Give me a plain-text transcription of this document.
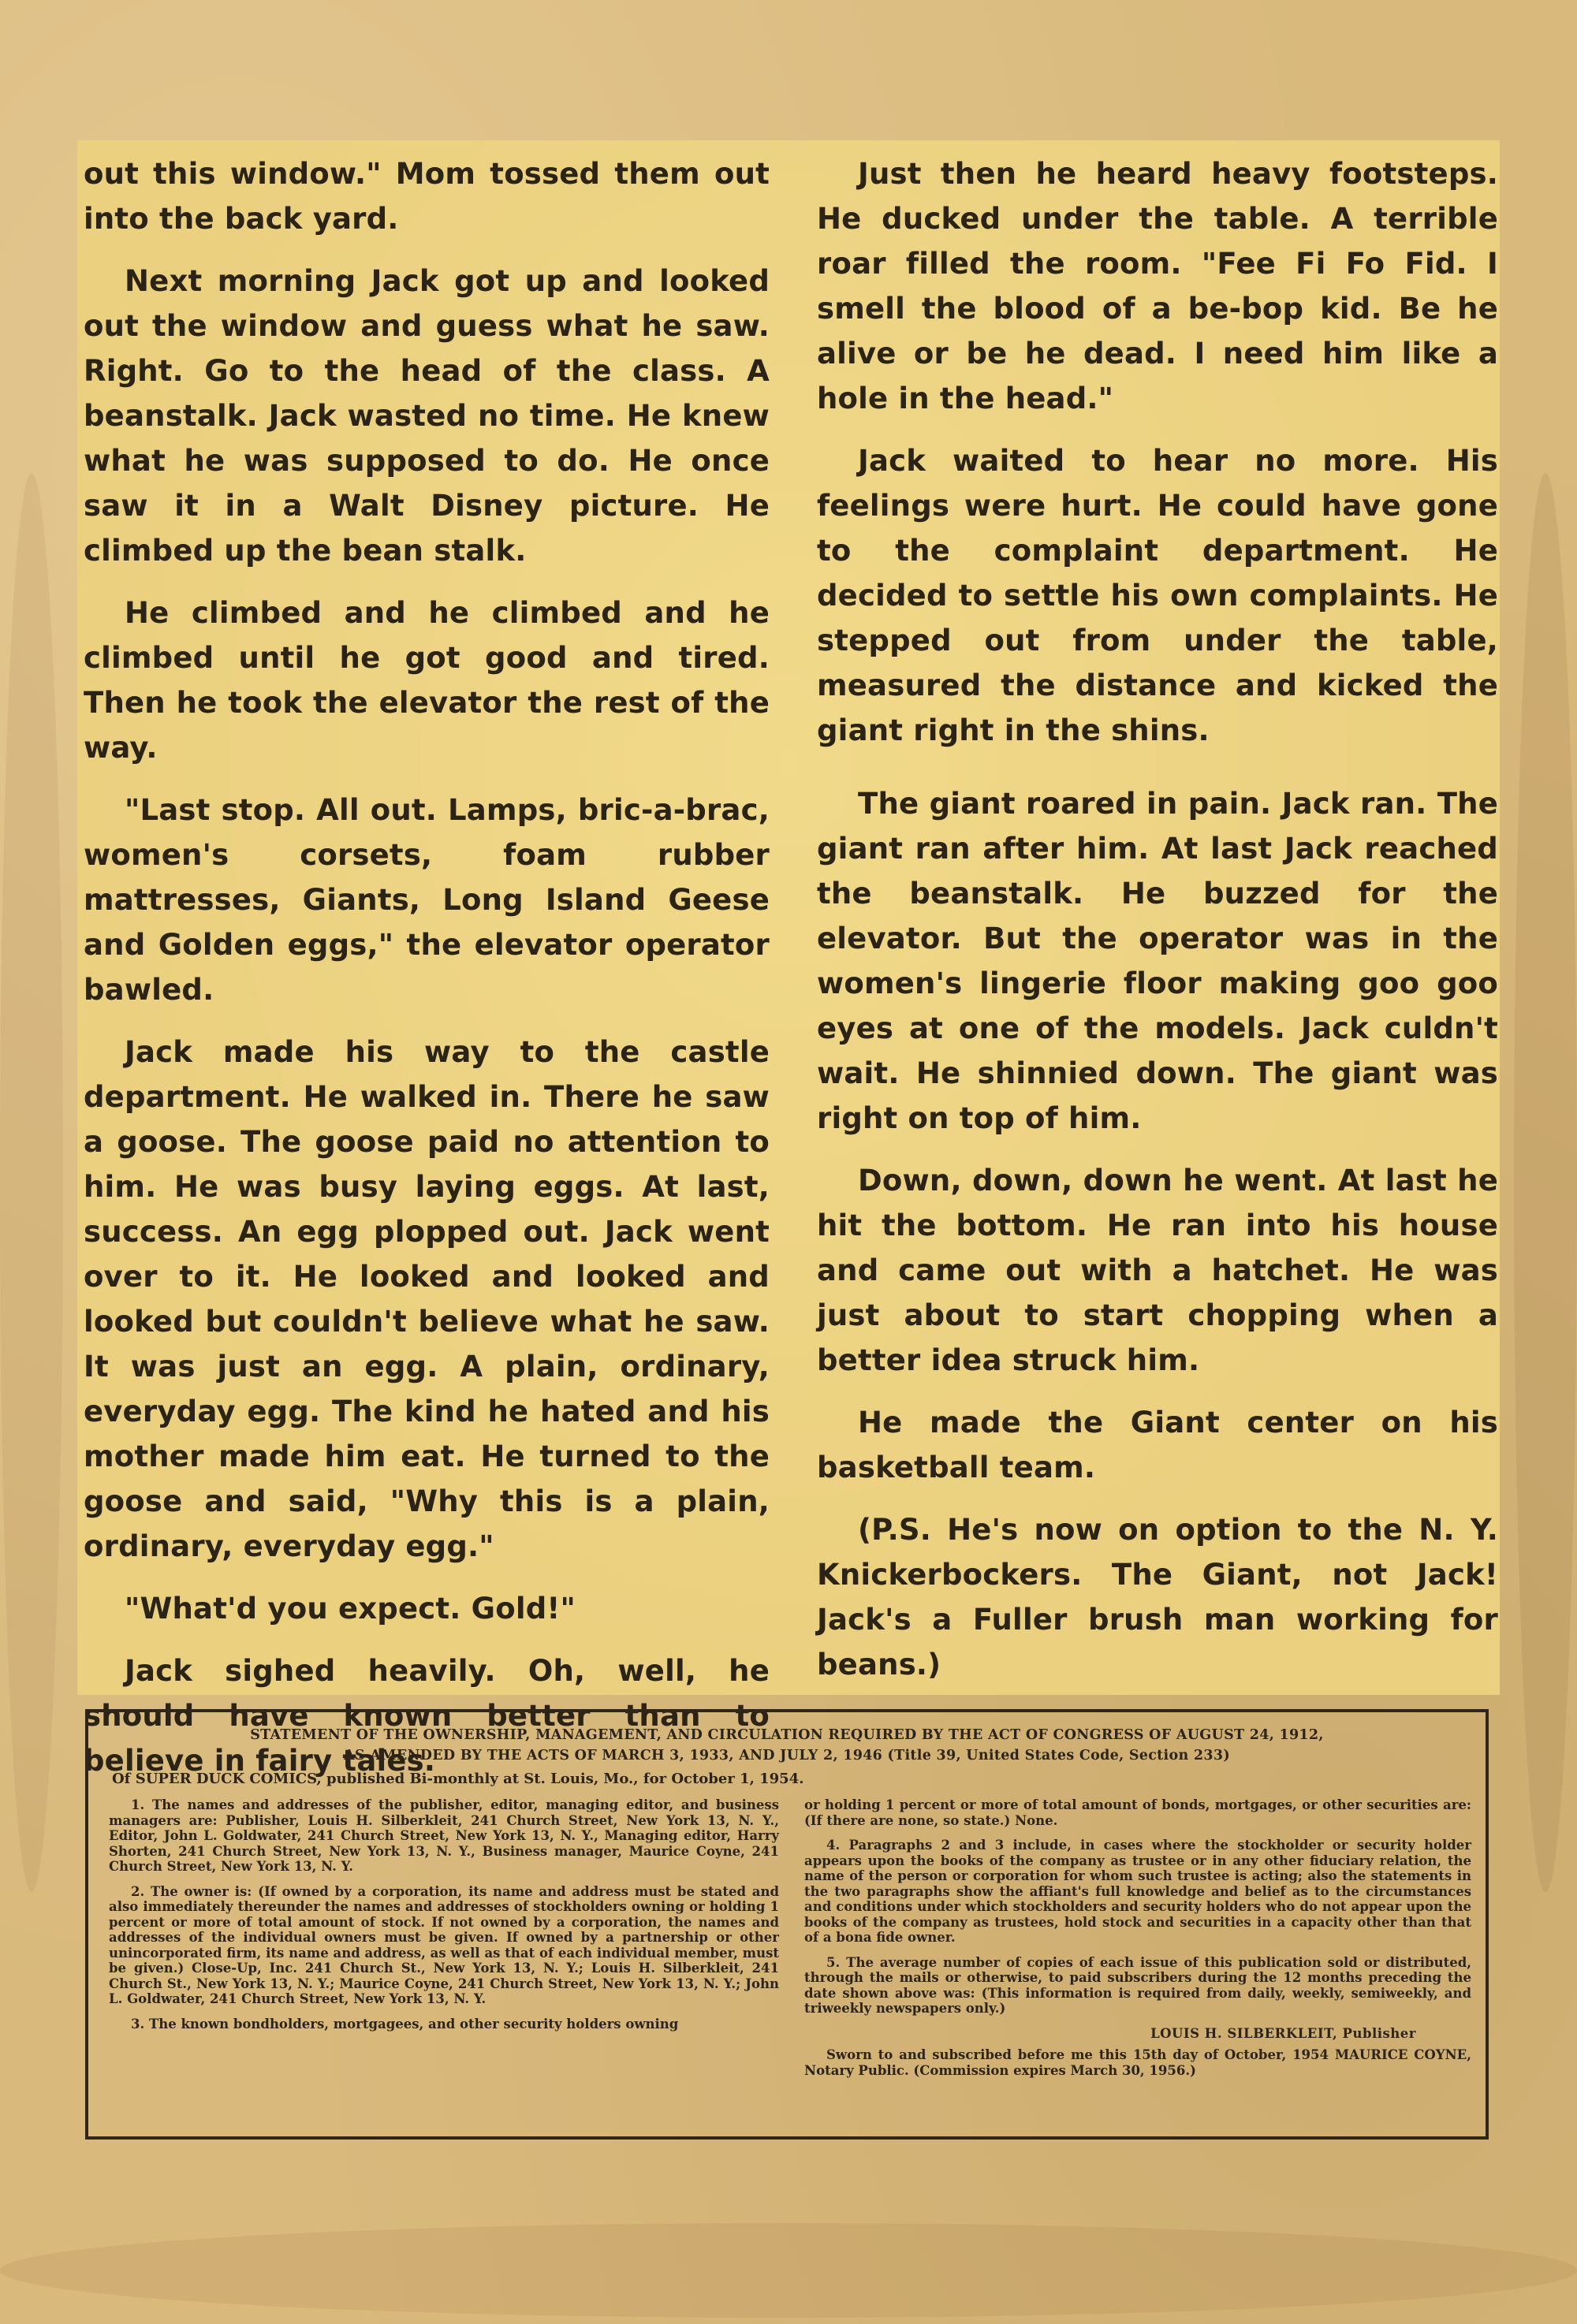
out this window." Mom tossed them out into the back yard.

Next morning Jack got up and looked out the window and guess what he saw. Right. Go to the head of the class. A beanstalk. Jack wasted no time. He knew what he was supposed to do. He once saw it in a Walt Disney picture. He climbed up the bean stalk.

He climbed and he climbed and he climbed until he got good and tired. Then he took the elevator the rest of the way.

"Last stop. All out. Lamps, bric-a-brac, women's corsets, foam rubber mattresses, Giants, Long Island Geese and Golden eggs," the elevator operator bawled.

Jack made his way to the castle department. He walked in. There he saw a goose. The goose paid no attention to him. He was busy laying eggs. At last, success. An egg plopped out. Jack went over to it. He looked and looked and looked but couldn't believe what he saw. It was just an egg. A plain, ordinary, everyday egg. The kind he hated and his mother made him eat. He turned to the goose and said, "Why this is a plain, ordinary, everyday egg."

"What'd you expect. Gold!"

Jack sighed heavily. Oh, well, he should have known better than to believe in fairy tales.

Just then he heard heavy footsteps. He ducked under the table. A terrible roar filled the room. "Fee Fi Fo Fid. I smell the blood of a be-bop kid. Be he alive or be he dead. I need him like a hole in the head."

Jack waited to hear no more. His feelings were hurt. He could have gone to the complaint department. He decided to settle his own complaints. He stepped out from under the table, measured the distance and kicked the giant right in the shins.

The giant roared in pain. Jack ran. The giant ran after him. At last Jack reached the beanstalk. He buzzed for the elevator. But the operator was in the women's lingerie floor making goo goo eyes at one of the models. Jack culdn't wait. He shinnied down. The giant was right on top of him.

Down, down, down he went. At last he hit the bottom. He ran into his house and came out with a hatchet. He was just about to start chopping when a better idea struck him.

He made the Giant center on his basketball team.

(P.S. He's now on option to the N. Y. Knickerbockers. The Giant, not Jack! Jack's a Fuller brush man working for beans.)

STATEMENT OF THE OWNERSHIP, MANAGEMENT, AND CIRCULATION REQUIRED BY THE ACT OF CONGRESS OF AUGUST 24, 1912,
AS AMENDED BY THE ACTS OF MARCH 3, 1933, AND JULY 2, 1946 (Title 39, United States Code, Section 233)
Of SUPER DUCK COMICS, published Bi-monthly at St. Louis, Mo., for October 1, 1954.

1. The names and addresses of the publisher, editor, managing editor, and business managers are: Publisher, Louis H. Silberkleit, 241 Church Street, New York 13, N. Y., Editor, John L. Goldwater, 241 Church Street, New York 13, N. Y., Managing editor, Harry Shorten, 241 Church Street, New York 13, N. Y., Business manager, Maurice Coyne, 241 Church Street, New York 13, N. Y.

2. The owner is: (If owned by a corporation, its name and address must be stated and also immediately thereunder the names and addresses of stockholders owning or holding 1 percent or more of total amount of stock. If not owned by a corporation, the names and addresses of the individual owners must be given. If owned by a partnership or other unincorporated firm, its name and address, as well as that of each individual member, must be given.) Close-Up, Inc. 241 Church St., New York 13, N. Y.; Louis H. Silberkleit, 241 Church St., New York 13, N. Y.; Maurice Coyne, 241 Church Street, New York 13, N. Y.; John L. Goldwater, 241 Church Street, New York 13, N. Y.

3. The known bondholders, mortgagees, and other security holders owning

or holding 1 percent or more of total amount of bonds, mortgages, or other securities are: (If there are none, so state.) None.

4. Paragraphs 2 and 3 include, in cases where the stockholder or security holder appears upon the books of the company as trustee or in any other fiduciary relation, the name of the person or corporation for whom such trustee is acting; also the statements in the two paragraphs show the affiant's full knowledge and belief as to the circumstances and conditions under which stockholders and security holders who do not appear upon the books of the company as trustees, hold stock and securities in a capacity other than that of a bona fide owner.

5. The average number of copies of each issue of this publication sold or distributed, through the mails or otherwise, to paid subscribers during the 12 months preceding the date shown above was: (This information is required from daily, weekly, semiweekly, and triweekly newspapers only.)

LOUIS H. SILBERKLEIT, Publisher

Sworn to and subscribed before me this 15th day of October, 1954 MAURICE COYNE, Notary Public. (Commission expires March 30, 1956.)
